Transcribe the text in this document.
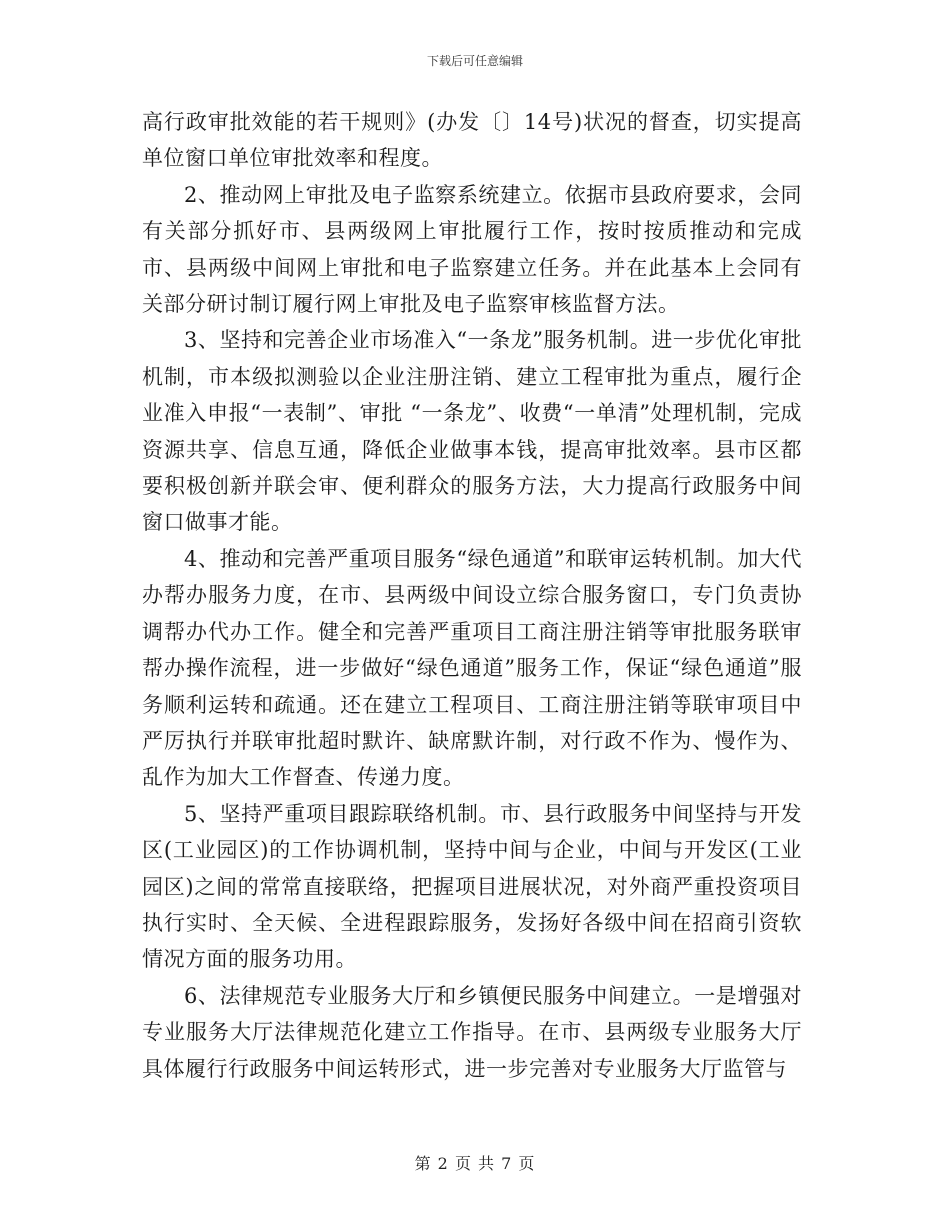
下载后可任意编辑

高行政审批效能的若干规则》(办发〔〕14号)状况的督查，切实提高单位窗口单位审批效率和程度。

2、推动网上审批及电子监察系统建立。依据市县政府要求，会同有关部分抓好市、县两级网上审批履行工作，按时按质推动和完成市、县两级中间网上审批和电子监察建立任务。并在此基本上会同有关部分研讨制订履行网上审批及电子监察审核监督方法。

3、坚持和完善企业市场准入“一条龙”服务机制。进一步优化审批机制，市本级拟测验以企业注册注销、建立工程审批为重点，履行企业准入申报“一表制”、审批 “一条龙”、收费“一单清”处理机制，完成资源共享、信息互通，降低企业做事本钱，提高审批效率。县市区都要积极创新并联会审、便利群众的服务方法，大力提高行政服务中间窗口做事才能。

4、推动和完善严重项目服务“绿色通道”和联审运转机制。加大代办帮办服务力度，在市、县两级中间设立综合服务窗口，专门负责协调帮办代办工作。健全和完善严重项目工商注册注销等审批服务联审帮办操作流程，进一步做好“绿色通道”服务工作，保证“绿色通道”服务顺利运转和疏通。还在建立工程项目、工商注册注销等联审项目中严厉执行并联审批超时默许、缺席默许制，对行政不作为、慢作为、乱作为加大工作督查、传递力度。

5、坚持严重项目跟踪联络机制。市、县行政服务中间坚持与开发区(工业园区)的工作协调机制，坚持中间与企业，中间与开发区(工业园区)之间的常常直接联络，把握项目进展状况，对外商严重投资项目执行实时、全天候、全进程跟踪服务，发扬好各级中间在招商引资软情况方面的服务功用。

6、法律规范专业服务大厅和乡镇便民服务中间建立。一是增强对专业服务大厅法律规范化建立工作指导。在市、县两级专业服务大厅具体履行行政服务中间运转形式，进一步完善对专业服务大厅监管与

第 2 页 共 7 页
